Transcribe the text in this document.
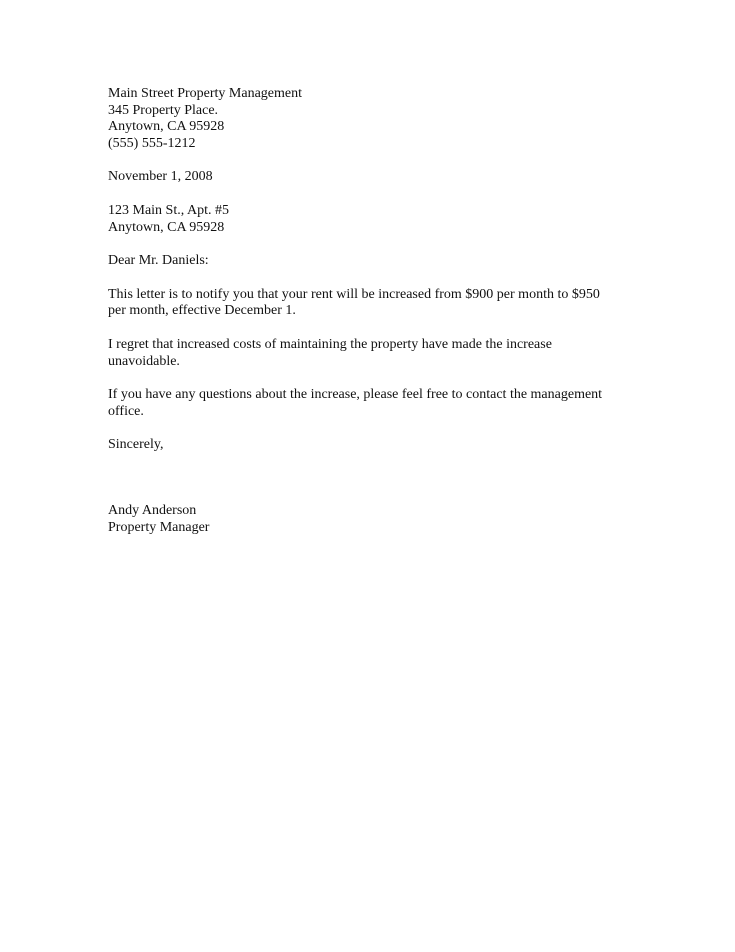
Main Street Property Management
345 Property Place.
Anytown, CA 95928
(555) 555-1212
November 1, 2008
123 Main St., Apt. #5
Anytown, CA 95928
Dear Mr. Daniels:
This letter is to notify you that your rent will be increased from $900 per month to $950
per month, effective December 1.
I regret that increased costs of maintaining the property have made the increase
unavoidable.
If you have any questions about the increase, please feel free to contact the management
office.
Sincerely,
Andy Anderson
Property Manager
